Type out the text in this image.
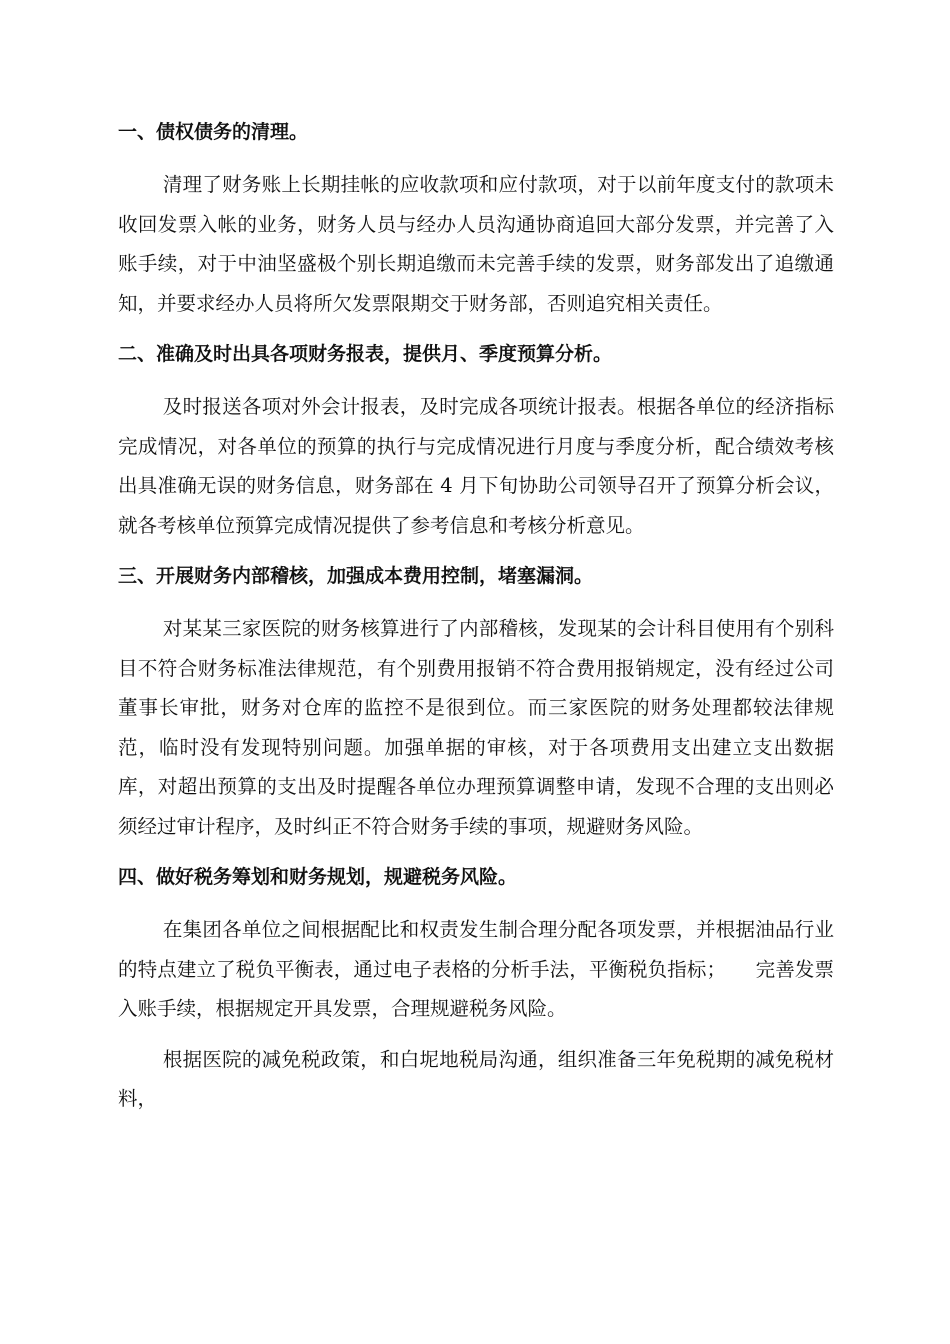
一、债权债务的清理。

清理了财务账上长期挂帐的应收款项和应付款项，对于以前年度支付的款项未收回发票入帐的业务，财务人员与经办人员沟通协商追回大部分发票，并完善了入账手续，对于中油坚盛极个别长期追缴而未完善手续的发票，财务部发出了追缴通知，并要求经办人员将所欠发票限期交于财务部，否则追究相关责任。

二、准确及时出具各项财务报表，提供月、季度预算分析。

及时报送各项对外会计报表，及时完成各项统计报表。根据各单位的经济指标完成情况，对各单位的预算的执行与完成情况进行月度与季度分析，配合绩效考核出具准确无误的财务信息，财务部在 4 月下旬协助公司领导召开了预算分析会议，就各考核单位预算完成情况提供了参考信息和考核分析意见。

三、开展财务内部稽核，加强成本费用控制，堵塞漏洞。

对某某三家医院的财务核算进行了内部稽核，发现某的会计科目使用有个别科目不符合财务标准法律规范，有个别费用报销不符合费用报销规定，没有经过公司董事长审批，财务对仓库的监控不是很到位。而三家医院的财务处理都较法律规范，临时没有发现特别问题。加强单据的审核，对于各项费用支出建立支出数据库，对超出预算的支出及时提醒各单位办理预算调整申请，发现不合理的支出则必须经过审计程序，及时纠正不符合财务手续的事项，规避财务风险。

四、做好税务筹划和财务规划，规避税务风险。

在集团各单位之间根据配比和权责发生制合理分配各项发票，并根据油品行业的特点建立了税负平衡表，通过电子表格的分析手法，平衡税负指标；　　完善发票入账手续，根据规定开具发票，合理规避税务风险。

根据医院的减免税政策，和白坭地税局沟通，组织准备三年免税期的减免税材料，
